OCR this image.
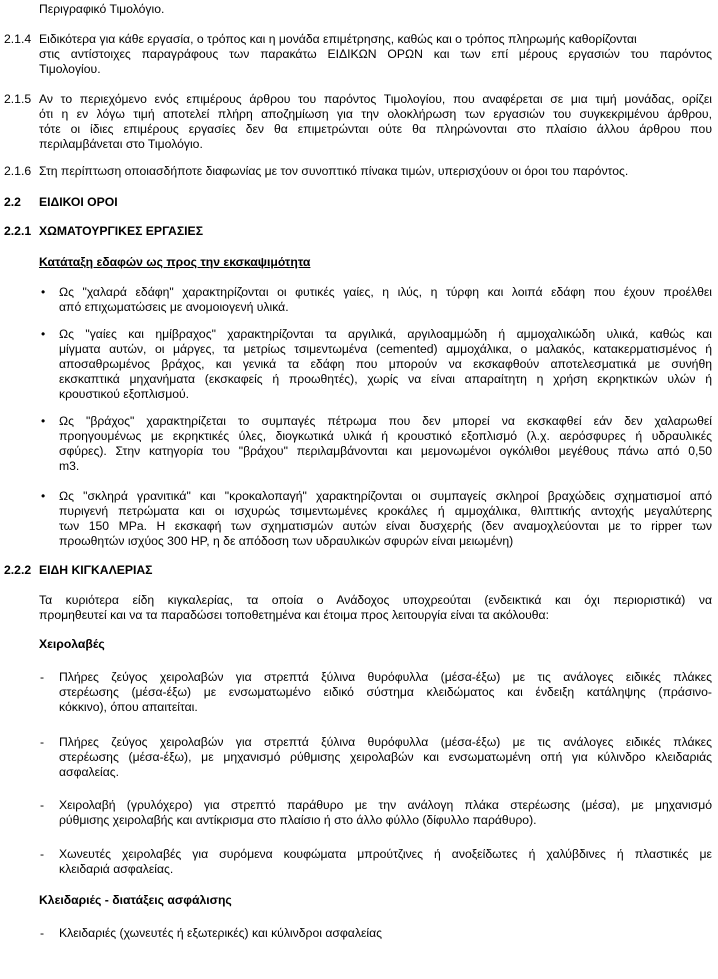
Περιγραφικό Τιμολόγιο.
2.1.4 Ειδικότερα για κάθε εργασία, ο τρόπος και η μονάδα επιμέτρησης, καθώς και ο τρόπος πληρωμής καθορίζονται
στις αντίστοιχες παραγράφους των παρακάτω ΕΙΔΙΚΩΝ ΟΡΩΝ και των επί μέρους εργασιών του παρόντος
Τιμολογίου.
2.1.5 Αν το περιεχόμενο ενός επιμέρους άρθρου του παρόντος Τιμολογίου, που αναφέρεται σε μια τιμή μονάδας, ορίζει
ότι η εν λόγω τιμή αποτελεί πλήρη αποζημίωση για την ολοκλήρωση των εργασιών του συγκεκριμένου άρθρου,
τότε οι ίδιες επιμέρους εργασίες δεν θα επιμετρώνται ούτε θα πληρώνονται στο πλαίσιο άλλου άρθρου που
περιλαμβάνεται στο Τιμολόγιο.
2.1.6 Στη περίπτωση οποιασδήποτε διαφωνίας με τον συνοπτικό πίνακα τιμών, υπερισχύουν οι όροι του παρόντος.
2.2 ΕΙΔΙΚΟΙ ΟΡΟΙ
2.2.1 ΧΩΜΑΤΟΥΡΓΙΚΕΣ ΕΡΓΑΣΙΕΣ
Κατάταξη εδαφών ως προς την εκσκαψιμότητα
• Ως "χαλαρά εδάφη" χαρακτηρίζονται οι φυτικές γαίες, η ιλύς, η τύρφη και λοιπά εδάφη που έχουν προέλθει
από επιχωματώσεις με ανομοιογενή υλικά.
• Ως "γαίες και ημίβραχος" χαρακτηρίζονται τα αργιλικά, αργιλοαμμώδη ή αμμοχαλικώδη υλικά, καθώς και
μίγματα αυτών, οι μάργες, τα μετρίως τσιμεντωμένα (cemented) αμμοχάλικα, ο μαλακός, κατακερματισμένος ή
αποσαθρωμένος βράχος, και γενικά τα εδάφη που μπορούν να εκσκαφθούν αποτελεσματικά με συνήθη
εκσκαπτικά μηχανήματα (εκσκαφείς ή προωθητές), χωρίς να είναι απαραίτητη η χρήση εκρηκτικών υλών ή
κρουστικού εξοπλισμού.
• Ως "βράχος" χαρακτηρίζεται το συμπαγές πέτρωμα που δεν μπορεί να εκσκαφθεί εάν δεν χαλαρωθεί
προηγουμένως με εκρηκτικές ύλες, διογκωτικά υλικά ή κρουστικό εξοπλισμό (λ.χ. αερόσφυρες ή υδραυλικές
σφύρες). Στην κατηγορία του "βράχου" περιλαμβάνονται και μεμονωμένοι ογκόλιθοι μεγέθους πάνω από 0,50
m3.
• Ως "σκληρά γρανιτικά" και "κροκαλοπαγή" χαρακτηρίζονται οι συμπαγείς σκληροί βραχώδεις σχηματισμοί από
πυριγενή πετρώματα και οι ισχυρώς τσιμεντωμένες κροκάλες ή αμμοχάλικα, θλιπτικής αντοχής μεγαλύτερης
των 150 MPa. Η εκσκαφή των σχηματισμών αυτών είναι δυσχερής (δεν αναμοχλεύονται με το ripper των
προωθητών ισχύος 300 HP, η δε απόδοση των υδραυλικών σφυρών είναι μειωμένη)
2.2.2 ΕΙΔΗ ΚΙΓΚΑΛΕΡΙΑΣ
Τα κυριότερα είδη κιγκαλερίας, τα οποία ο Ανάδοχος υποχρεούται (ενδεικτικά και όχι περιοριστικά) να
προμηθευτεί και να τα παραδώσει τοποθετημένα και έτοιμα προς λειτουργία είναι τα ακόλουθα:
Χειρολαβές
- Πλήρες ζεύγος χειρολαβών για στρεπτά ξύλινα θυρόφυλλα (μέσα-έξω) με τις ανάλογες ειδικές πλάκες
στερέωσης (μέσα-έξω) με ενσωματωμένο ειδικό σύστημα κλειδώματος και ένδειξη κατάληψης (πράσινο-
κόκκινο), όπου απαιτείται.
- Πλήρες ζεύγος χειρολαβών για στρεπτά ξύλινα θυρόφυλλα (μέσα-έξω) με τις ανάλογες ειδικές πλάκες
στερέωσης (μέσα-έξω), με μηχανισμό ρύθμισης χειρολαβών και ενσωματωμένη οπή για κύλινδρο κλειδαριάς
ασφαλείας.
- Χειρολαβή (γρυλόχερο) για στρεπτό παράθυρο με την ανάλογη πλάκα στερέωσης (μέσα), με μηχανισμό
ρύθμισης χειρολαβής και αντίκρισμα στο πλαίσιο ή στο άλλο φύλλο (δίφυλλο παράθυρο).
- Χωνευτές χειρολαβές για συρόμενα κουφώματα μπρούτζινες ή ανοξείδωτες ή χαλύβδινες ή πλαστικές με
κλειδαριά ασφαλείας.
Κλειδαριές - διατάξεις ασφάλισης
- Κλειδαριές (χωνευτές ή εξωτερικές) και κύλινδροι ασφαλείας
